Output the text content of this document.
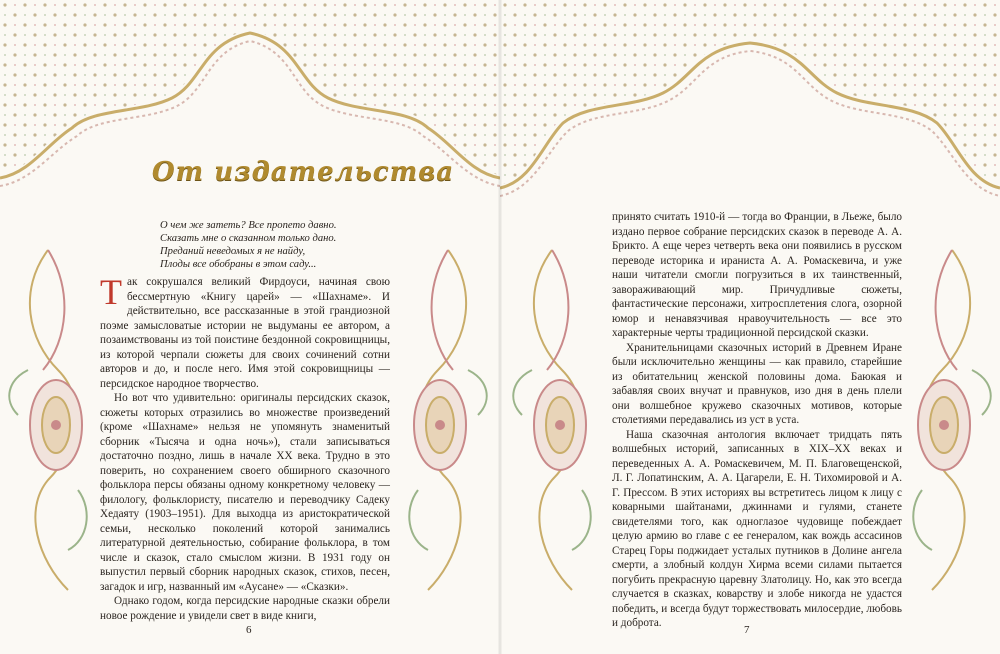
От издательства
О чем же затеть? Все пропето давно.
Сказать мне о сказанном только дано.
Преданий неведомых я не найду,
Плоды все обобраны в этом саду...

Так сокрушался великий Фирдоуси, начиная свою бессмертную «Книгу царей» — «Шахнаме». И действительно, все рассказанные в этой грандиозной поэме замысловатые истории не выдуманы ее автором, а позаимствованы из той поистине бездонной сокровищницы, из которой черпали сюжеты для своих сочинений сотни авторов и до, и после него. Имя этой сокровищницы — персидское народное творчество.

Но вот что удивительно: оригиналы персидских сказок, сюжеты которых отразились во множестве произведений (кроме «Шахнаме» нельзя не упомянуть знаменитый сборник «Тысяча и одна ночь»), стали записываться достаточно поздно, лишь в начале XX века. Трудно в это поверить, но сохранением своего обширного сказочного фольклора персы обязаны одному конкретному человеку — филологу, фольклористу, писателю и переводчику Садеку Хедаяту (1903–1951). Для выходца из аристократической семьи, несколько поколений которой занимались литературной деятельностью, собирание фольклора, в том числе и сказок, стало смыслом жизни. В 1931 году он выпустил первый сборник народных сказок, стихов, песен, загадок и игр, названный им «Аусане» — «Сказки».

Однако годом, когда персидские народные сказки обрели новое рождение и увидели свет в виде книги,

6

принято считать 1910-й — тогда во Франции, в Льеже, было издано первое собрание персидских сказок в переводе А. А. Брикто. А еще через четверть века они появились в русском переводе историка и ираниста А. А. Ромаскевича, и уже наши читатели смогли погрузиться в их таинственный, завораживающий мир. Причудливые сюжеты, фантастические персонажи, хитросплетения слога, озорной юмор и ненавязчивая нравоучительность — все это характерные черты традиционной персидской сказки.

Хранительницами сказочных историй в Древнем Иране были исключительно женщины — как правило, старейшие из обитательниц женской половины дома. Баюкая и забавляя своих внучат и правнуков, изо дня в день плели они волшебное кружево сказочных мотивов, которые столетиями передавались из уст в уста.

Наша сказочная антология включает тридцать пять волшебных историй, записанных в XIX–XX веках и переведенных А. А. Ромаскевичем, М. П. Благовещенской, Л. Г. Лопатинским, А. А. Цагарели, Е. Н. Тихомировой и А. Г. Прессом. В этих историях вы встретитесь лицом к лицу с коварными шайтанами, джиннами и гулями, станете свидетелями того, как одноглазое чудовище побеждает целую армию во главе с ее генералом, как вождь ассасинов Старец Горы поджидает усталых путников в Долине ангела смерти, а злобный колдун Хирма всеми силами пытается погубить прекрасную царевну Златолицу. Но, как это всегда случается в сказках, коварству и злобе никогда не удастся победить, и всегда будут торжествовать милосердие, любовь и доброта.

7
